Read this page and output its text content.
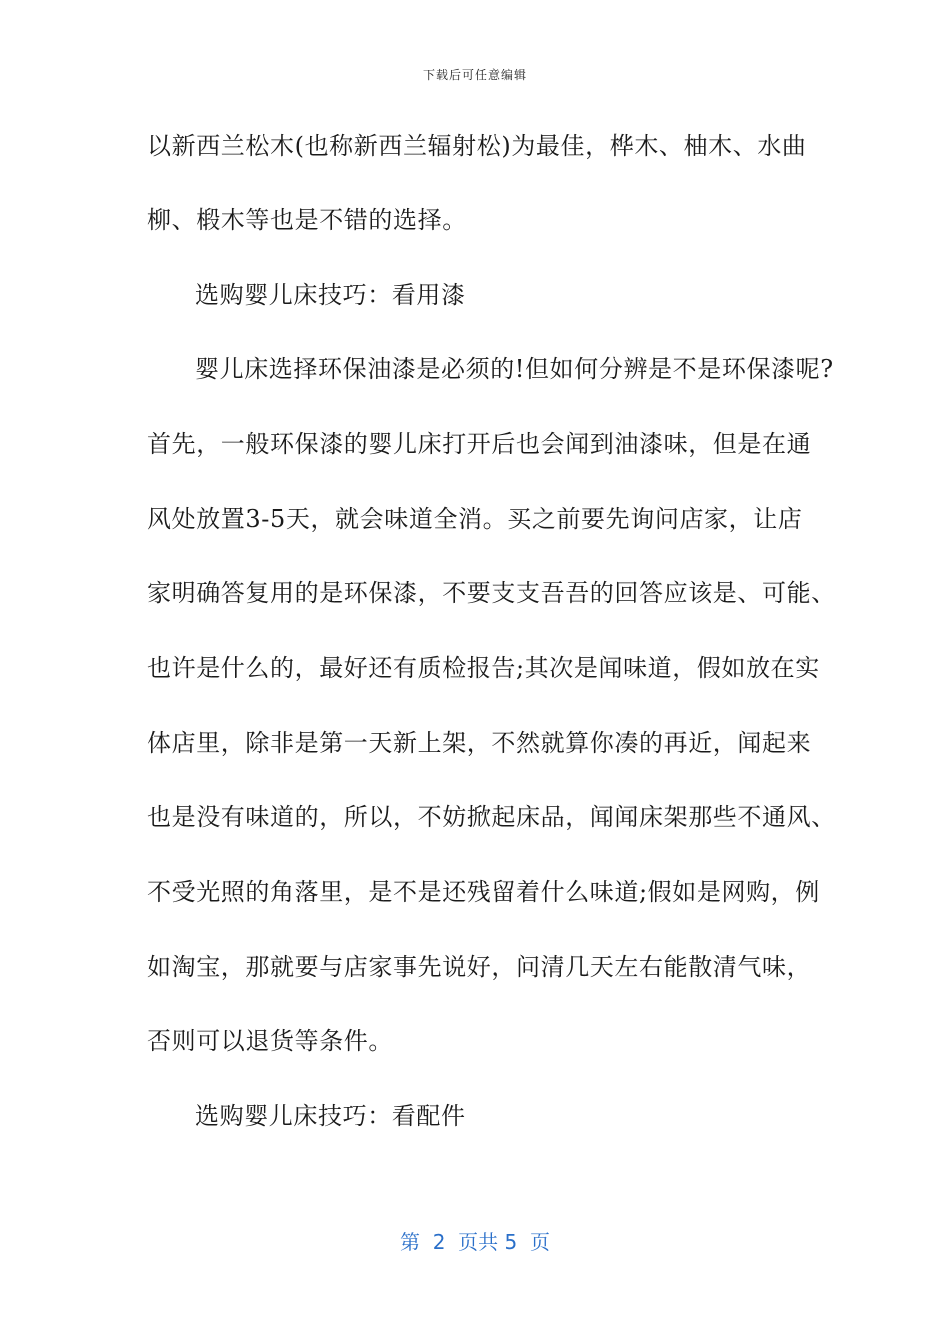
下载后可任意编辑
以新西兰松木(也称新西兰辐射松)为最佳，桦木、柚木、水曲
柳、椴木等也是不错的选择。
选购婴儿床技巧：看用漆
婴儿床选择环保油漆是必须的!但如何分辨是不是环保漆呢?
首先，一般环保漆的婴儿床打开后也会闻到油漆味，但是在通
风处放置3-5天，就会味道全消。买之前要先询问店家，让店
家明确答复用的是环保漆，不要支支吾吾的回答应该是、可能、
也许是什么的，最好还有质检报告;其次是闻味道，假如放在实
体店里，除非是第一天新上架，不然就算你凑的再近，闻起来
也是没有味道的，所以，不妨掀起床品，闻闻床架那些不通风、
不受光照的角落里，是不是还残留着什么味道;假如是网购，例
如淘宝，那就要与店家事先说好，问清几天左右能散清气味，
否则可以退货等条件。
选购婴儿床技巧：看配件
第  2  页共 5  页
